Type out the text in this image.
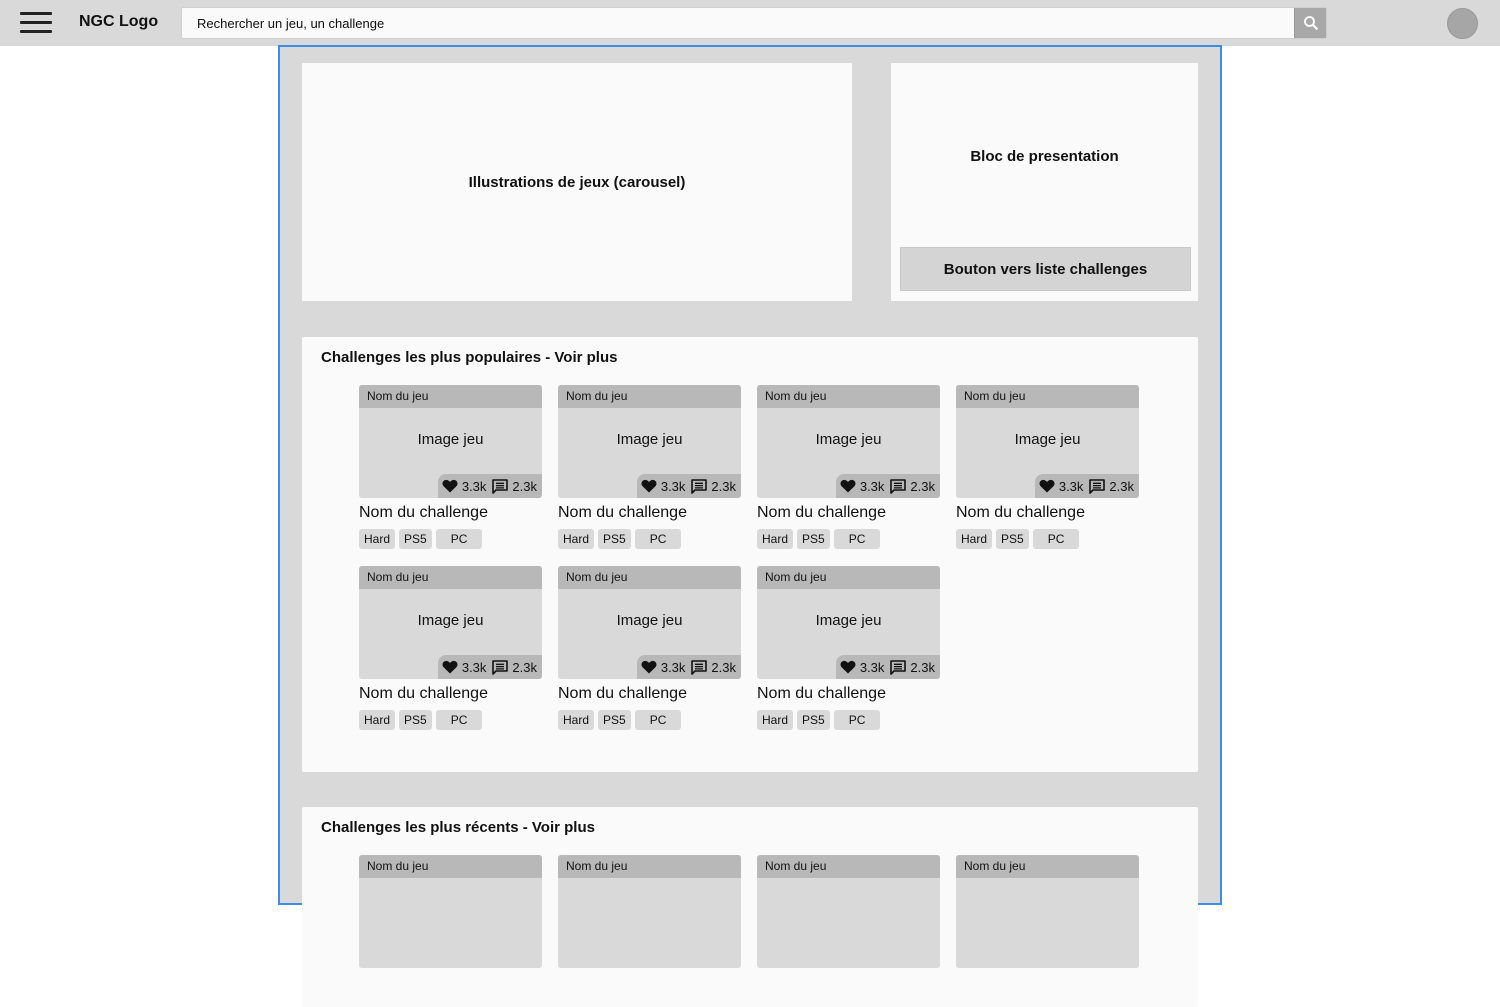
NGC Logo
Rechercher un jeu, un challenge
Illustrations de jeux (carousel)
Bloc de presentation
Bouton vers liste challenges
Challenges les plus populaires - Voir plus
Nom du jeu
Image jeu
3.3k 2.3k
Nom du challenge
Hard	PS5	PC
Nom du jeu
Image jeu
3.3k 2.3k
Nom du challenge
Hard	PS5	PC
Nom du jeu
Image jeu
3.3k 2.3k
Nom du challenge
Hard	PS5	PC
Nom du jeu
Image jeu
3.3k 2.3k
Nom du challenge
Hard	PS5	PC
Nom du jeu
Image jeu
3.3k 2.3k
Nom du challenge
Hard	PS5	PC
Nom du jeu
Image jeu
3.3k 2.3k
Nom du challenge
Hard	PS5	PC
Nom du jeu
Image jeu
3.3k 2.3k
Nom du challenge
Hard	PS5	PC
Challenges les plus récents - Voir plus
Nom du jeu	Nom du jeu	Nom du jeu	Nom du jeu
